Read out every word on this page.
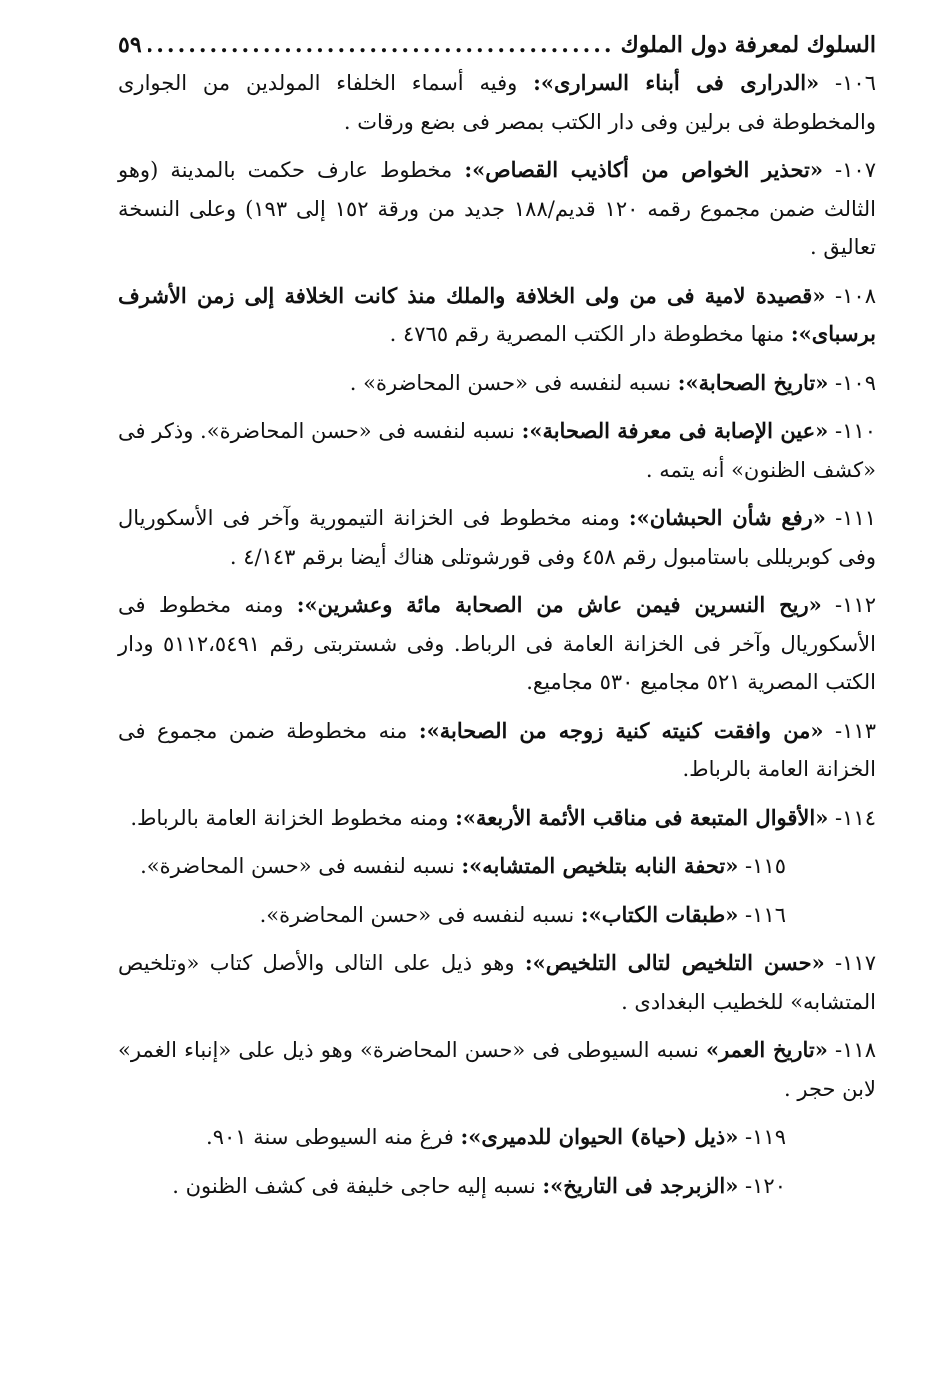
السلوك لمعرفة دول الملوك
.....
٥٩

١٠٦- «الدرارى فى أبناء السرارى»: وفيه أسماء الخلفاء المولدين من الجوارى والمخطوطة فى برلين وفى دار الكتب بمصر فى بضع ورقات .

١٠٧- «تحذير الخواص من أكاذيب القصاص»: مخطوط عارف حكمت بالمدينة (وهو الثالث ضمن مجموع رقمه ١٢٠ قديم/١٨٨ جديد من ورقة ١٥٢ إلى ١٩٣) وعلى النسخة تعاليق .

١٠٨- «قصيدة لامية فى من ولى الخلافة والملك منذ كانت الخلافة إلى زمن الأشرف برسباى»: منها مخطوطة دار الكتب المصرية رقم ٤٧٦٥ .

١٠٩- «تاريخ الصحابة»: نسبه لنفسه فى «حسن المحاضرة» .

١١٠- «عين الإصابة فى معرفة الصحابة»: نسبه لنفسه فى «حسن المحاضرة». وذكر فى «كشف الظنون» أنه يتمه .

١١١- «رفع شأن الحبشان»: ومنه مخطوط فى الخزانة التيمورية وآخر فى الأسكوريال وفى كوبريللى باستامبول رقم ٤٥٨ وفى قورشوتلى هناك أيضا برقم ٤/١٤٣ .

١١٢- «ريح النسرين فيمن عاش من الصحابة مائة وعشرين»: ومنه مخطوط فى الأسكوريال وآخر فى الخزانة العامة فى الرباط. وفى شستربتى رقم ٥١١٢،٥٤٩١ ودار الكتب المصرية ٥٢١ مجاميع ٥٣٠ مجاميع.

١١٣- «من وافقت كنيته كنية زوجه من الصحابة»: منه مخطوطة ضمن مجموع فى الخزانة العامة بالرباط.

١١٤- «الأقوال المتبعة فى مناقب الأئمة الأربعة»: ومنه مخطوط الخزانة العامة بالرباط.

١١٥- «تحفة النابه بتلخيص المتشابه»: نسبه لنفسه فى «حسن المحاضرة».

١١٦- «طبقات الكتاب»: نسبه لنفسه فى «حسن المحاضرة».

١١٧- «حسن التلخيص لتالى التلخيص»: وهو ذيل على التالى والأصل كتاب «وتلخيص المتشابه» للخطيب البغدادى .

١١٨- «تاريخ العمر» نسبه السيوطى فى «حسن المحاضرة» وهو ذيل على «إنباء الغمر» لابن حجر .

١١٩- «ذيل (حياة) الحيوان للدميرى»: فرغ منه السيوطى سنة ٩٠١.

١٢٠- «الزبرجد فى التاريخ»: نسبه إليه حاجى خليفة فى كشف الظنون .
